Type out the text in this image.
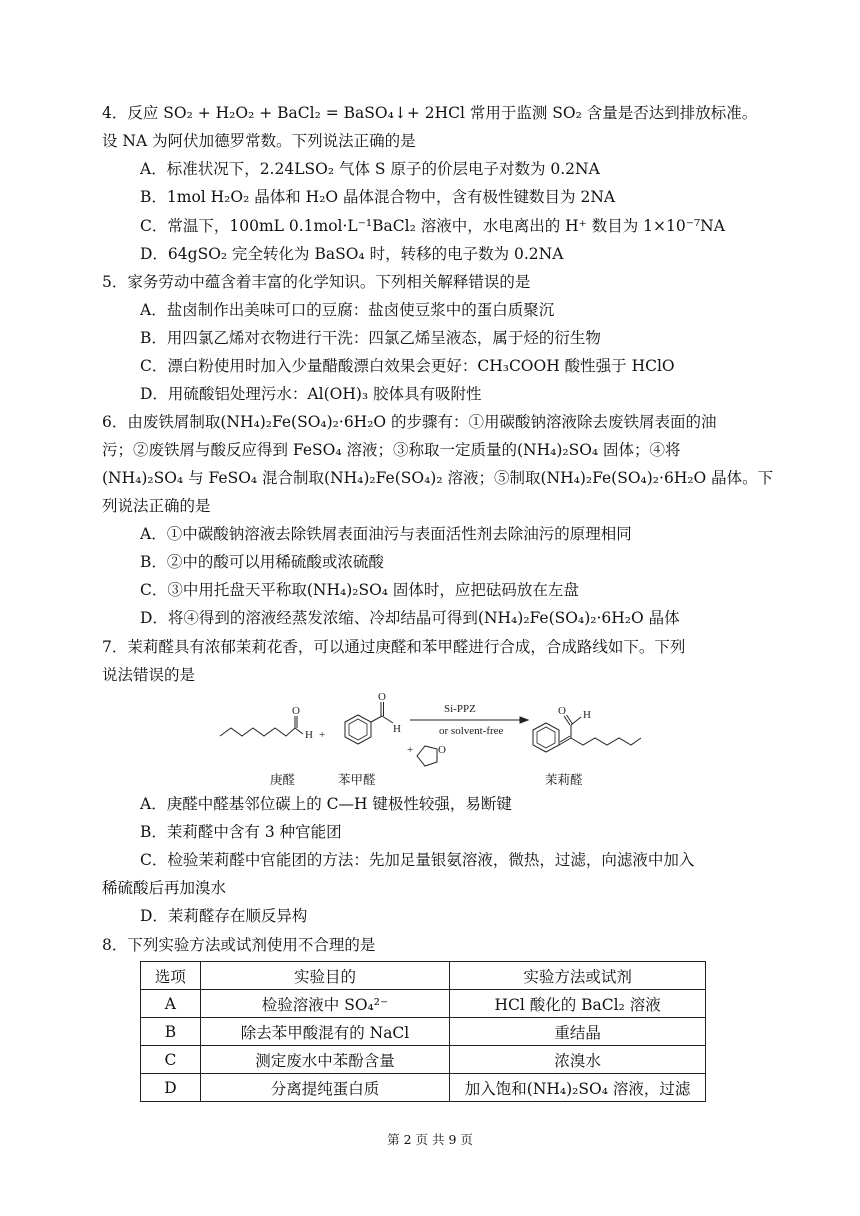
4．反应 SO₂ + H₂O₂ + BaCl₂ = BaSO₄↓+ 2HCl 常用于监测 SO₂ 含量是否达到排放标准。
设 NA 为阿伏加德罗常数。下列说法正确的是
A．标准状况下，2.24LSO₂ 气体 S 原子的价层电子对数为 0.2NA
B．1mol H₂O₂ 晶体和 H₂O 晶体混合物中，含有极性键数目为 2NA
C．常温下，100mL 0.1mol·L⁻¹BaCl₂ 溶液中，水电离出的 H⁺ 数目为 1×10⁻⁷NA
D．64gSO₂ 完全转化为 BaSO₄ 时，转移的电子数为 0.2NA
5．家务劳动中蕴含着丰富的化学知识。下列相关解释错误的是
A．盐卤制作出美味可口的豆腐：盐卤使豆浆中的蛋白质聚沉
B．用四氯乙烯对衣物进行干洗：四氯乙烯呈液态，属于烃的衍生物
C．漂白粉使用时加入少量醋酸漂白效果会更好：CH₃COOH 酸性强于 HClO
D．用硫酸铝处理污水：Al(OH)₃ 胶体具有吸附性
6．由废铁屑制取(NH₄)₂Fe(SO₄)₂·6H₂O 的步骤有：①用碳酸钠溶液除去废铁屑表面的油
污；②废铁屑与酸反应得到 FeSO₄ 溶液；③称取一定质量的(NH₄)₂SO₄ 固体；④将
(NH₄)₂SO₄ 与 FeSO₄ 混合制取(NH₄)₂Fe(SO₄)₂ 溶液；⑤制取(NH₄)₂Fe(SO₄)₂·6H₂O 晶体。下
列说法正确的是
A．①中碳酸钠溶液去除铁屑表面油污与表面活性剂去除油污的原理相同
B．②中的酸可以用稀硫酸或浓硫酸
C．③中用托盘天平称取(NH₄)₂SO₄ 固体时，应把砝码放在左盘
D．将④得到的溶液经蒸发浓缩、冷却结晶可得到(NH₄)₂Fe(SO₄)₂·6H₂O 晶体
7．茉莉醛具有浓郁茉莉花香，可以通过庚醛和苯甲醛进行合成，合成路线如下。下列
说法错误的是
O
H +
O
H
Si-PPZ
or solvent-free
O
+
O H
庚醛	苯甲醛	茉莉醛
A．庚醛中醛基邻位碳上的 C—H 键极性较强，易断键
B．茉莉醛中含有 3 种官能团
C．检验茉莉醛中官能团的方法：先加足量银氨溶液，微热，过滤，向滤液中加入
稀硫酸后再加溴水
D．茉莉醛存在顺反异构
8．下列实验方法或试剂使用不合理的是
选项	实验目的	实验方法或试剂
A	检验溶液中 SO₄²⁻	HCl 酸化的 BaCl₂ 溶液
B	除去苯甲酸混有的 NaCl	重结晶
C	测定废水中苯酚含量	浓溴水
D	分离提纯蛋白质	加入饱和(NH₄)₂SO₄ 溶液，过滤
第 2 页 共 9 页
